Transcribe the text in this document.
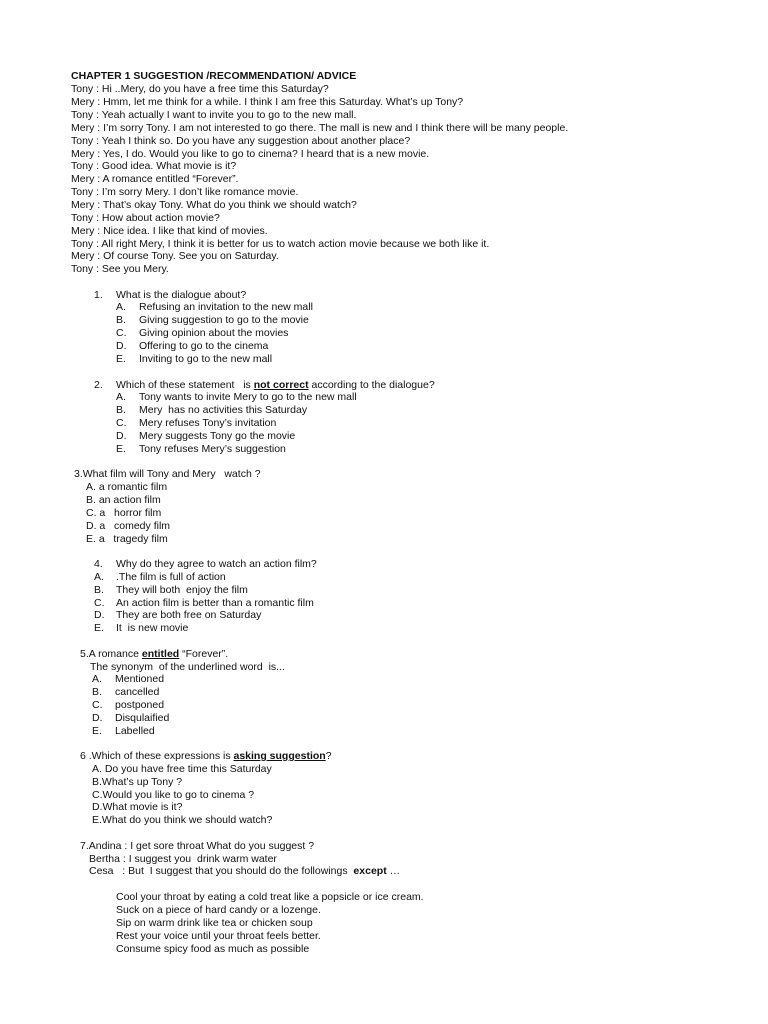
CHAPTER 1 SUGGESTION /RECOMMENDATION/ ADVICE
Tony : Hi ..Mery, do you have a free time this Saturday?
Mery : Hmm, let me think for a while. I think I am free this Saturday. What’s up Tony?
Tony : Yeah actually I want to invite you to go to the new mall.
Mery : I’m sorry Tony. I am not interested to go there. The mall is new and I think there will be many people.
Tony : Yeah I think so. Do you have any suggestion about another place?
Mery : Yes, I do. Would you like to go to cinema? I heard that is a new movie.
Tony : Good idea. What movie is it?
Mery : A romance entitled “Forever”.
Tony : I’m sorry Mery. I don’t like romance movie.
Mery : That’s okay Tony. What do you think we should watch?
Tony : How about action movie?
Mery : Nice idea. I like that kind of movies.
Tony : All right Mery, I think it is better for us to watch action movie because we both like it.
Mery : Of course Tony. See you on Saturday.
Tony : See you Mery.
1. What is the dialogue about?
A. Refusing an invitation to the new mall
B. Giving suggestion to go to the movie
C. Giving opinion about the movies
D. Offering to go to the cinema
E. Inviting to go to the new mall
2. Which of these statement   is not correct according to the dialogue?
A. Tony wants to invite Mery to go to the new mall
B. Mery  has no activities this Saturday
C. Mery refuses Tony’s invitation
D. Mery suggests Tony go the movie
E. Tony refuses Mery’s suggestion
3.What film will Tony and Mery   watch ?
A. a romantic film
B. an action film
C. a   horror film
D. a   comedy film
E. a   tragedy film
4. Why do they agree to watch an action film?
A. .The film is full of action
B. They will both  enjoy the film
C. An action film is better than a romantic film
D. They are both free on Saturday
E. It  is new movie
5.A romance entitled “Forever”.
The synonym  of the underlined word  is...
A. Mentioned
B. cancelled
C. postponed
D. Disqulaified
E. Labelled
6 .Which of these expressions is asking suggestion?
A. Do you have free time this Saturday
B.What’s up Tony ?
C.Would you like to go to cinema ?
D.What movie is it?
E.What do you think we should watch?
7.Andina : I get sore throat What do you suggest ?
Bertha : I suggest you  drink warm water
Cesa   : But  I suggest that you should do the followings  except …
Cool your throat by eating a cold treat like a popsicle or ice cream.
Suck on a piece of hard candy or a lozenge.
Sip on warm drink like tea or chicken soup
Rest your voice until your throat feels better.
Consume spicy food as much as possible
